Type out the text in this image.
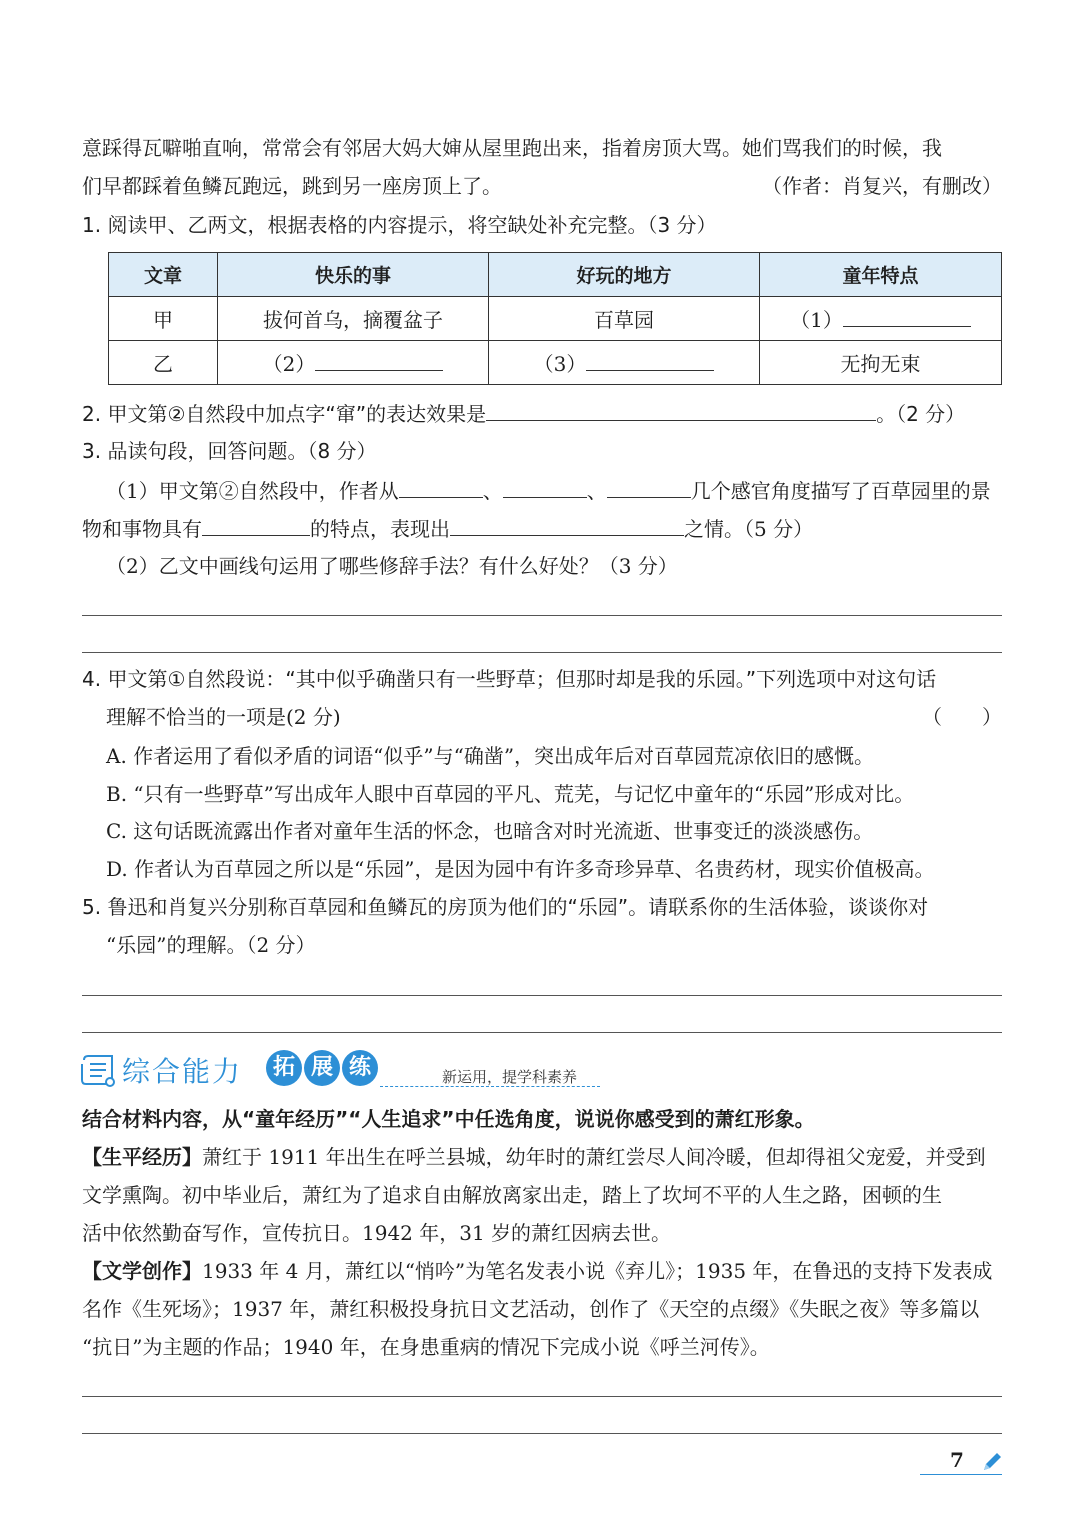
意踩得瓦噼啪直响，常常会有邻居大妈大婶从屋里跑出来，指着房顶大骂。她们骂我们的时候，我
们早都踩着鱼鳞瓦跑远，跳到另一座房顶上了。	（作者：肖复兴，有删改）
1. 阅读甲、乙两文，根据表格的内容提示，将空缺处补充完整。（3 分）
文章	快乐的事	好玩的地方	童年特点
甲	拔何首乌，摘覆盆子	百草园	（1）
乙	（2）	（3）	无拘无束
2. 甲文第②自然段中加点字“窜”的表达效果是	。（2 分）
3. 品读句段，回答问题。（8 分）
（1）甲文第②自然段中，作者从	、	、	几个感官角度描写了百草园里的景
物和事物具有	的特点，表现出	之情。（5 分）
（2）乙文中画线句运用了哪些修辞手法？有什么好处？（3 分）
4. 甲文第①自然段说：“其中似乎确凿只有一些野草；但那时却是我的乐园。”下列选项中对这句话
理解不恰当的一项是(2 分)	（　　）
A. 作者运用了看似矛盾的词语“似乎”与“确凿”，突出成年后对百草园荒凉依旧的感慨。
B. “只有一些野草”写出成年人眼中百草园的平凡、荒芜，与记忆中童年的“乐园”形成对比。
C. 这句话既流露出作者对童年生活的怀念，也暗含对时光流逝、世事变迁的淡淡感伤。
D. 作者认为百草园之所以是“乐园”，是因为园中有许多奇珍异草、名贵药材，现实价值极高。
5. 鲁迅和肖复兴分别称百草园和鱼鳞瓦的房顶为他们的“乐园”。请联系你的生活体验，谈谈你对
“乐园”的理解。（2 分）
综合能力	拓 展 练	新运用，提学科素养
结合材料内容，从“童年经历”“人生追求”中任选角度，说说你感受到的萧红形象。
【生平经历】萧红于 1911 年出生在呼兰县城，幼年时的萧红尝尽人间冷暖，但却得祖父宠爱，并受到
文学熏陶。初中毕业后，萧红为了追求自由解放离家出走，踏上了坎坷不平的人生之路，困顿的生
活中依然勤奋写作，宣传抗日。1942 年，31 岁的萧红因病去世。
【文学创作】1933 年 4 月，萧红以“悄吟”为笔名发表小说《弃儿》；1935 年，在鲁迅的支持下发表成
名作《生死场》；1937 年，萧红积极投身抗日文艺活动，创作了《天空的点缀》《失眠之夜》等多篇以
“抗日”为主题的作品；1940 年，在身患重病的情况下完成小说《呼兰河传》。
7
